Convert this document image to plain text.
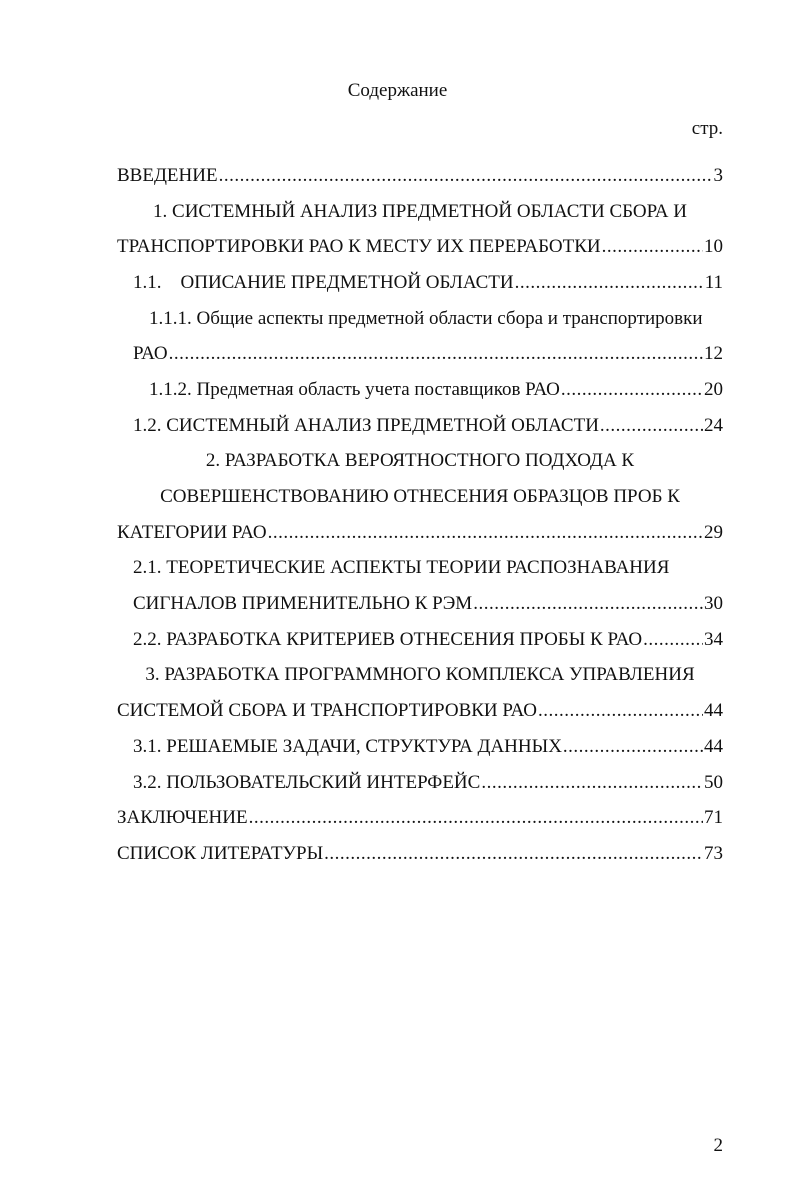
Содержание
стр.
ВВЕДЕНИЕ .....	3
1. СИСТЕМНЫЙ АНАЛИЗ ПРЕДМЕТНОЙ ОБЛАСТИ СБОРА И
ТРАНСПОРТИРОВКИ РАО К МЕСТУ ИХ ПЕРЕРАБОТКИ .....	10
1.1.    ОПИСАНИЕ ПРЕДМЕТНОЙ ОБЛАСТИ .....	11
1.1.1. Общие аспекты предметной области сбора и транспортировки
РАО .....	12
1.1.2. Предметная область учета поставщиков РАО .....	20
1.2. СИСТЕМНЫЙ АНАЛИЗ ПРЕДМЕТНОЙ ОБЛАСТИ .....	24
2. РАЗРАБОТКА ВЕРОЯТНОСТНОГО ПОДХОДА К
СОВЕРШЕНСТВОВАНИЮ ОТНЕСЕНИЯ ОБРАЗЦОВ ПРОБ К
КАТЕГОРИИ РАО .....	29
2.1. ТЕОРЕТИЧЕСКИЕ АСПЕКТЫ ТЕОРИИ РАСПОЗНАВАНИЯ
СИГНАЛОВ ПРИМЕНИТЕЛЬНО К РЭМ .....	30
2.2. РАЗРАБОТКА КРИТЕРИЕВ ОТНЕСЕНИЯ ПРОБЫ К РАО .....	34
3. РАЗРАБОТКА ПРОГРАММНОГО КОМПЛЕКСА УПРАВЛЕНИЯ
СИСТЕМОЙ СБОРА И ТРАНСПОРТИРОВКИ РАО .....	44
3.1. РЕШАЕМЫЕ ЗАДАЧИ, СТРУКТУРА ДАННЫХ .....	44
3.2. ПОЛЬЗОВАТЕЛЬСКИЙ ИНТЕРФЕЙС .....	50
ЗАКЛЮЧЕНИЕ .....	71
СПИСОК ЛИТЕРАТУРЫ .....	73
2
